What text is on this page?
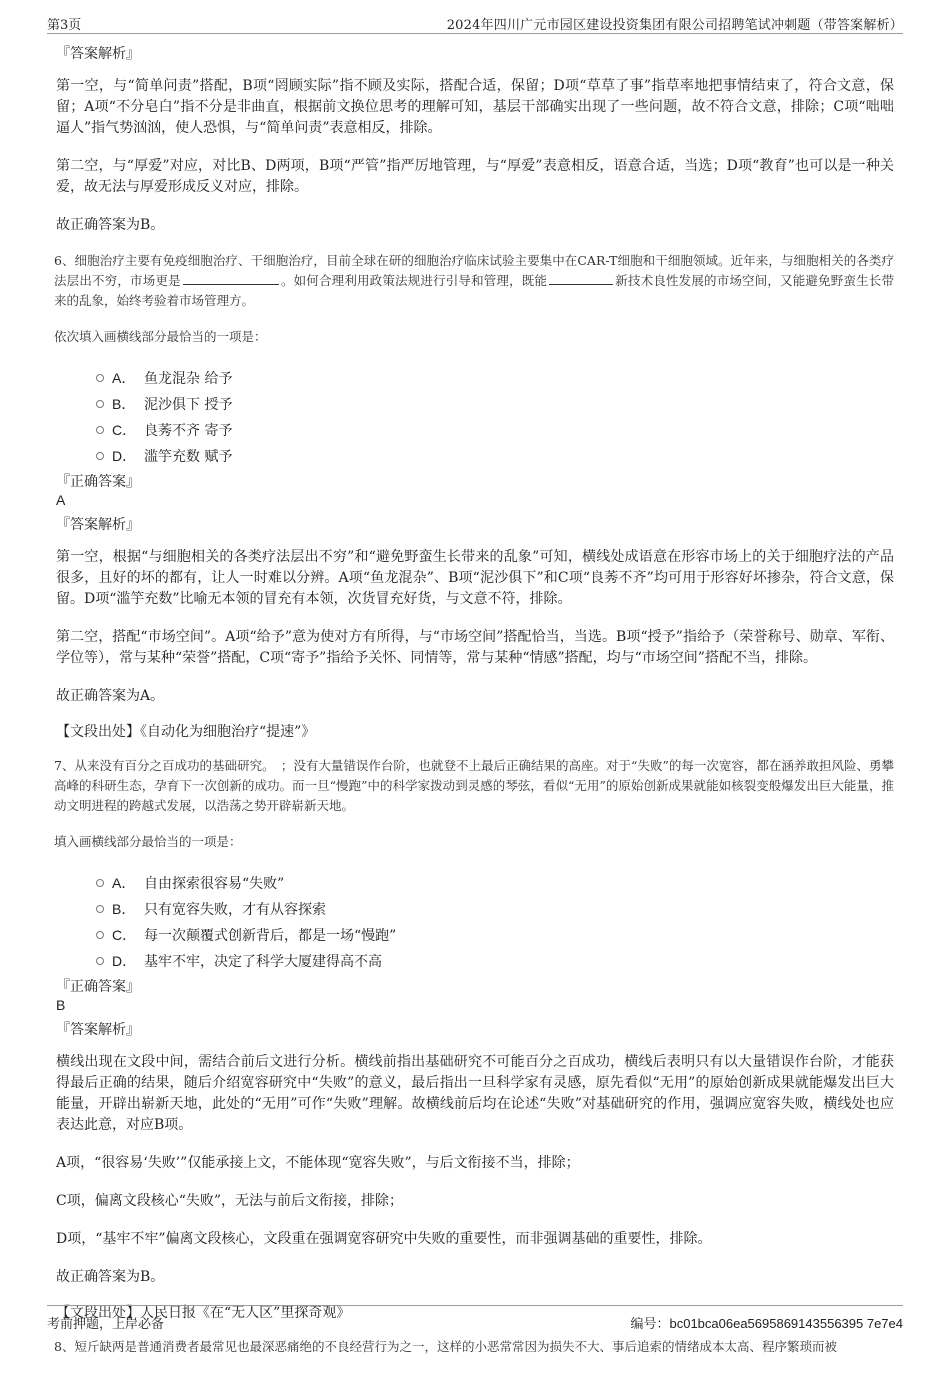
第3页	2024年四川广元市园区建设投资集团有限公司招聘笔试冲刺题（带答案解析）

『答案解析』

第一空，与“简单问责”搭配，B项“罔顾实际”指不顾及实际，搭配合适，保留；D项“草草了事”指草率地把事情结束了，符合文意，保留；A项“不分皂白”指不分是非曲直，根据前文换位思考的理解可知，基层干部确实出现了一些问题，故不符合文意，排除；C项“咄咄逼人”指气势汹汹，使人恐惧，与“简单问责”表意相反，排除。

第二空，与“厚爱”对应，对比B、D两项，B项“严管”指严厉地管理，与“厚爱”表意相反，语意合适，当选；D项“教育”也可以是一种关爱，故无法与厚爱形成反义对应，排除。

故正确答案为B。

6、细胞治疗主要有免疫细胞治疗、干细胞治疗，目前全球在研的细胞治疗临床试验主要集中在CAR-T细胞和干细胞领域。近年来，与细胞相关的各类疗法层出不穷，市场更是	。如何合理利用政策法规进行引导和管理，既能	新技术良性发展的市场空间，又能避免野蛮生长带来的乱象，始终考验着市场管理方。

依次填入画横线部分最恰当的一项是：

A． 鱼龙混杂 给予
B． 泥沙俱下 授予
C． 良莠不齐 寄予
D． 滥竽充数 赋予

『正确答案』

A

『答案解析』

第一空，根据“与细胞相关的各类疗法层出不穷”和“避免野蛮生长带来的乱象”可知，横线处成语意在形容市场上的关于细胞疗法的产品很多，且好的坏的都有，让人一时难以分辨。A项“鱼龙混杂”、B项“泥沙俱下”和C项“良莠不齐”均可用于形容好坏掺杂，符合文意，保留。D项“滥竽充数”比喻无本领的冒充有本领，次货冒充好货，与文意不符，排除。

第二空，搭配“市场空间”。A项“给予”意为使对方有所得，与“市场空间”搭配恰当，当选。B项“授予”指给予（荣誉称号、勋章、军衔、学位等），常与某种“荣誉”搭配，C项“寄予”指给予关怀、同情等，常与某种“情感”搭配，均与“市场空间”搭配不当，排除。

故正确答案为A。

【文段出处】《自动化为细胞治疗“提速”》

7、从来没有百分之百成功的基础研究。　；没有大量错误作台阶，也就登不上最后正确结果的高座。对于“失败”的每一次宽容，都在涵养敢担风险、勇攀高峰的科研生态，孕育下一次创新的成功。而一旦“慢跑”中的科学家拨动到灵感的琴弦，看似“无用”的原始创新成果就能如核裂变般爆发出巨大能量，推动文明进程的跨越式发展，以浩荡之势开辟崭新天地。

填入画横线部分最恰当的一项是：

A． 自由探索很容易“失败”
B． 只有宽容失败，才有从容探索
C． 每一次颠覆式创新背后，都是一场“慢跑”
D． 基牢不牢，决定了科学大厦建得高不高

『正确答案』

B

『答案解析』

横线出现在文段中间，需结合前后文进行分析。横线前指出基础研究不可能百分之百成功，横线后表明只有以大量错误作台阶，才能获得最后正确的结果，随后介绍宽容研究中“失败”的意义，最后指出一旦科学家有灵感，原先看似“无用”的原始创新成果就能爆发出巨大能量，开辟出崭新天地，此处的“无用”可作“失败”理解。故横线前后均在论述“失败”对基础研究的作用，强调应宽容失败，横线处也应表达此意，对应B项。

A项，“很容易‘失败’”仅能承接上文，不能体现“宽容失败”，与后文衔接不当，排除；

C项，偏离文段核心“失败”，无法与前后文衔接，排除；

D项，“基牢不牢”偏离文段核心，文段重在强调宽容研究中失败的重要性，而非强调基础的重要性，排除。

故正确答案为B。

【文段出处】人民日报《在“无人区”里探奇观》

8、短斤缺两是普通消费者最常见也最深恶痛绝的不良经营行为之一，这样的小恶常常因为损失不大、事后追索的情绪成本太高、程序繁琐而被

考前押题，上岸必备	编号：bc01bca06ea5695869143556395 7e7e4
